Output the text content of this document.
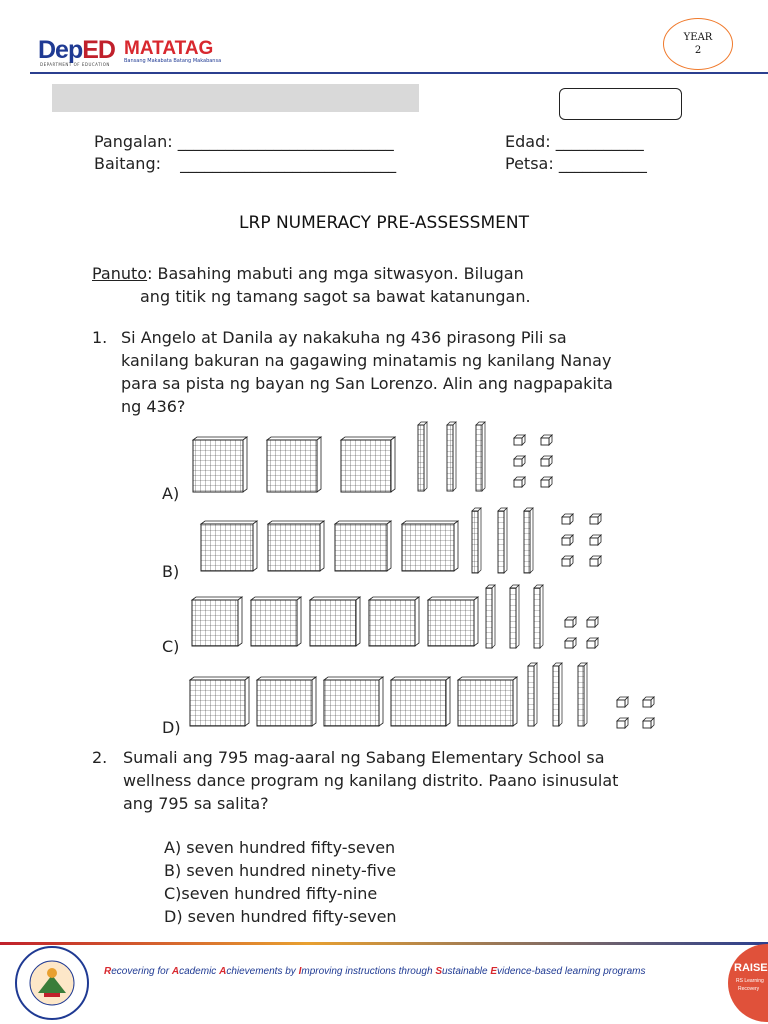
DepED
DEPARTMENT OF EDUCATION
MATATAG
Bansang Makabata Batang Makabansa
YEAR
2
Pangalan: ___________________________
Baitang: ___________________________
Edad: ___________
Petsa: ___________
LRP NUMERACY PRE-ASSESSMENT
Panuto: Basahing mabuti ang mga sitwasyon. Bilugan
ang titik ng tamang sagot sa bawat katanungan.
1. Si Angelo at Danila ay nakakuha ng 436 pirasong Pili sa
kanilang bakuran na gagawing minatamis ng kanilang Nanay
para sa pista ng bayan ng San Lorenzo. Alin ang nagpapakita
ng 436?
A)
B)
C)
D)
2. Sumali ang 795 mag-aaral ng Sabang Elementary School sa
wellness dance program ng kanilang distrito. Paano isinusulat
ang 795 sa salita?
A) seven hundred fifty-seven
B) seven hundred ninety-five
C)seven hundred fifty-nine
D) seven hundred fifty-seven
Recovering for Academic Achievements by Improving instructions through Sustainable Evidence-based learning programs	RAISE
RS Learning
Recovery
